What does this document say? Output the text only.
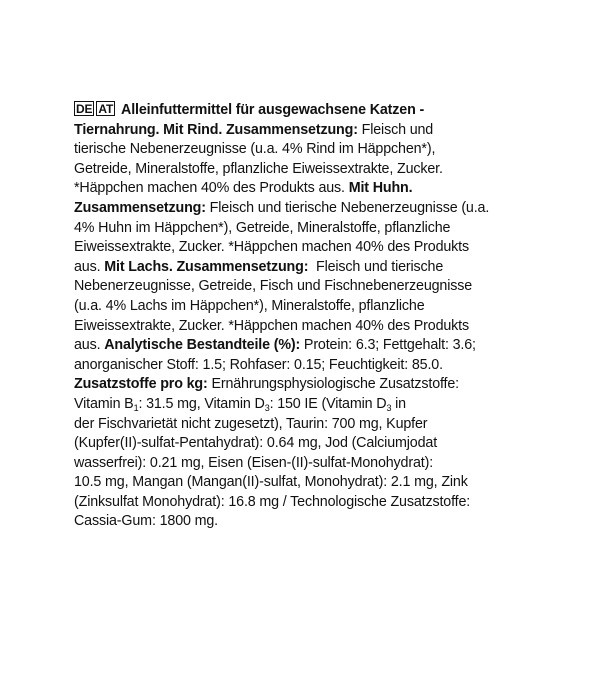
DE AT Alleinfuttermittel für ausgewachsene Katzen -
Tiernahrung. Mit Rind. Zusammensetzung: Fleisch und
tierische Nebenerzeugnisse (u.a. 4% Rind im Häppchen*),
Getreide, Mineralstoffe, pflanzliche Eiweissextrakte, Zucker.
*Häppchen machen 40% des Produkts aus. Mit Huhn.
Zusammensetzung: Fleisch und tierische Nebenerzeugnisse (u.a.
4% Huhn im Häppchen*), Getreide, Mineralstoffe, pflanzliche
Eiweissextrakte, Zucker. *Häppchen machen 40% des Produkts
aus. Mit Lachs. Zusammensetzung:  Fleisch und tierische
Nebenerzeugnisse, Getreide, Fisch und Fischnebenerzeugnisse
(u.a. 4% Lachs im Häppchen*), Mineralstoffe, pflanzliche
Eiweissextrakte, Zucker. *Häppchen machen 40% des Produkts
aus. Analytische Bestandteile (%): Protein: 6.3; Fettgehalt: 3.6;
anorganischer Stoff: 1.5; Rohfaser: 0.15; Feuchtigkeit: 85.0.
Zusatzstoffe pro kg: Ernährungsphysiologische Zusatzstoffe:
Vitamin $B_1$: 31.5 mg, Vitamin $D_3$: 150 IE (Vitamin $D_3$ in
der Fischvarietät nicht zugesetzt), Taurin: 700 mg, Kupfer
(Kupfer(II)-sulfat-Pentahydrat): 0.64 mg, Jod (Calciumjodat
wasserfrei): 0.21 mg, Eisen (Eisen-(II)-sulfat-Monohydrat):
10.5 mg, Mangan (Mangan(II)-sulfat, Monohydrat): 2.1 mg, Zink
(Zinksulfat Monohydrat): 16.8 mg / Technologische Zusatzstoffe:
Cassia-Gum: 1800 mg.
